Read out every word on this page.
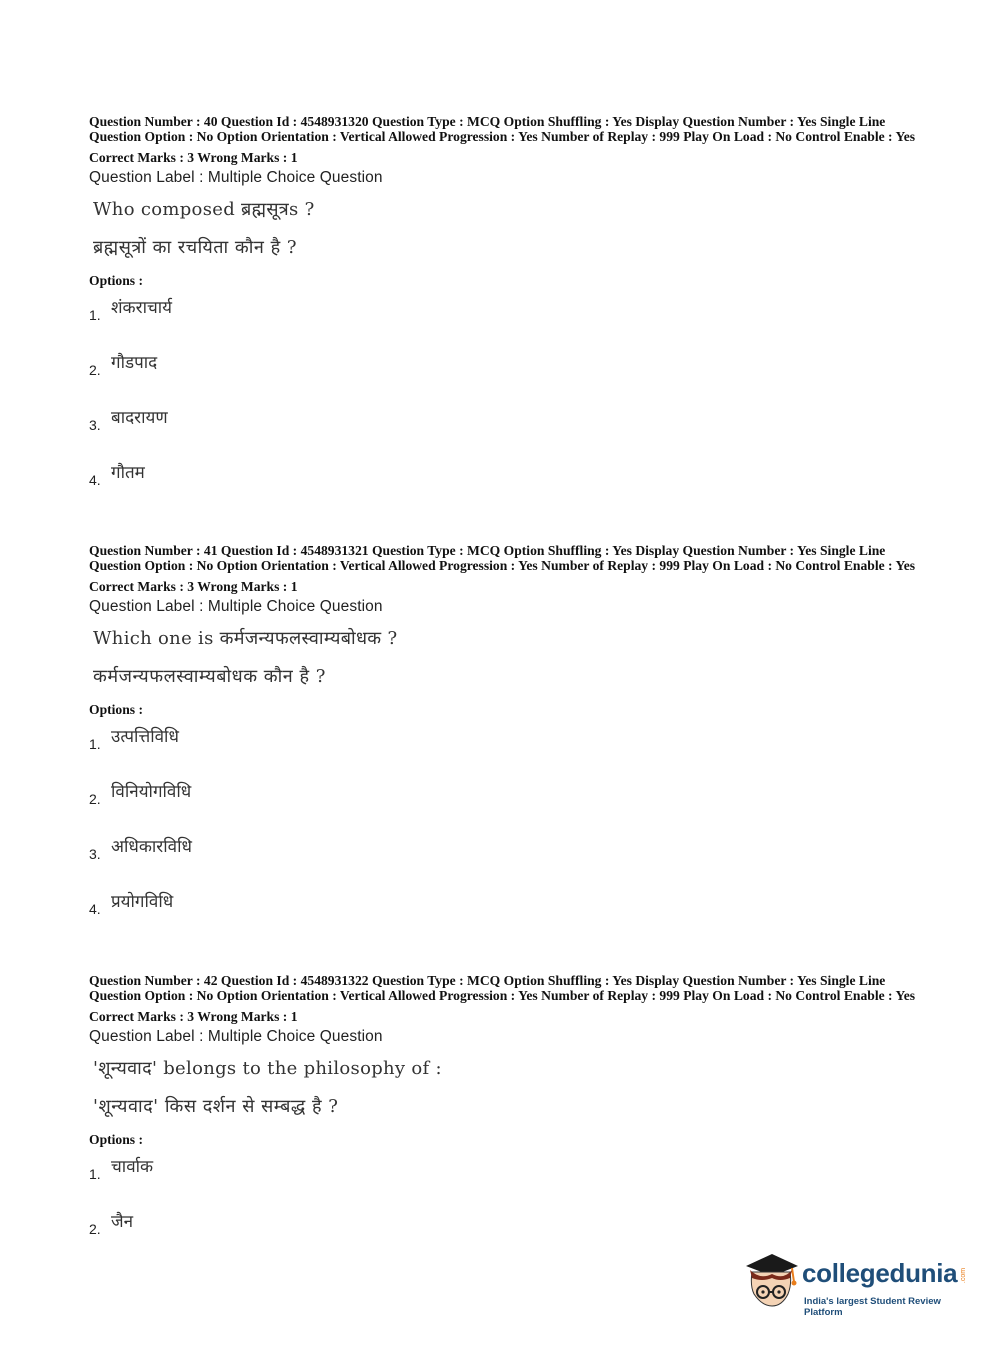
Question Number : 40 Question Id : 4548931320 Question Type : MCQ Option Shuffling : Yes Display Question Number : Yes Single Line Question Option : No Option Orientation : Vertical Allowed Progression : Yes Number of Replay : 999 Play On Load : No Control Enable : Yes
Correct Marks : 3 Wrong Marks : 1
Question Label : Multiple Choice Question
Who composed ब्रह्मसूत्रs ?
ब्रह्मसूत्रों का रचयिता कौन है ?
Options :
1. शंकराचार्य
2. गौडपाद
3. बादरायण
4. गौतम
Question Number : 41 Question Id : 4548931321 Question Type : MCQ Option Shuffling : Yes Display Question Number : Yes Single Line Question Option : No Option Orientation : Vertical Allowed Progression : Yes Number of Replay : 999 Play On Load : No Control Enable : Yes
Correct Marks : 3 Wrong Marks : 1
Question Label : Multiple Choice Question
Which one is कर्मजन्यफलस्वाम्यबोधक ?
कर्मजन्यफलस्वाम्यबोधक कौन है ?
Options :
1. उत्पत्तिविधि
2. विनियोगविधि
3. अधिकारविधि
4. प्रयोगविधि
Question Number : 42 Question Id : 4548931322 Question Type : MCQ Option Shuffling : Yes Display Question Number : Yes Single Line Question Option : No Option Orientation : Vertical Allowed Progression : Yes Number of Replay : 999 Play On Load : No Control Enable : Yes
Correct Marks : 3 Wrong Marks : 1
Question Label : Multiple Choice Question
'शून्यवाद' belongs to the philosophy of :
'शून्यवाद' किस दर्शन से सम्बद्ध है ?
Options :
1. चार्वाक
2. जैन
collegedunia .com
India's largest Student Review Platform
